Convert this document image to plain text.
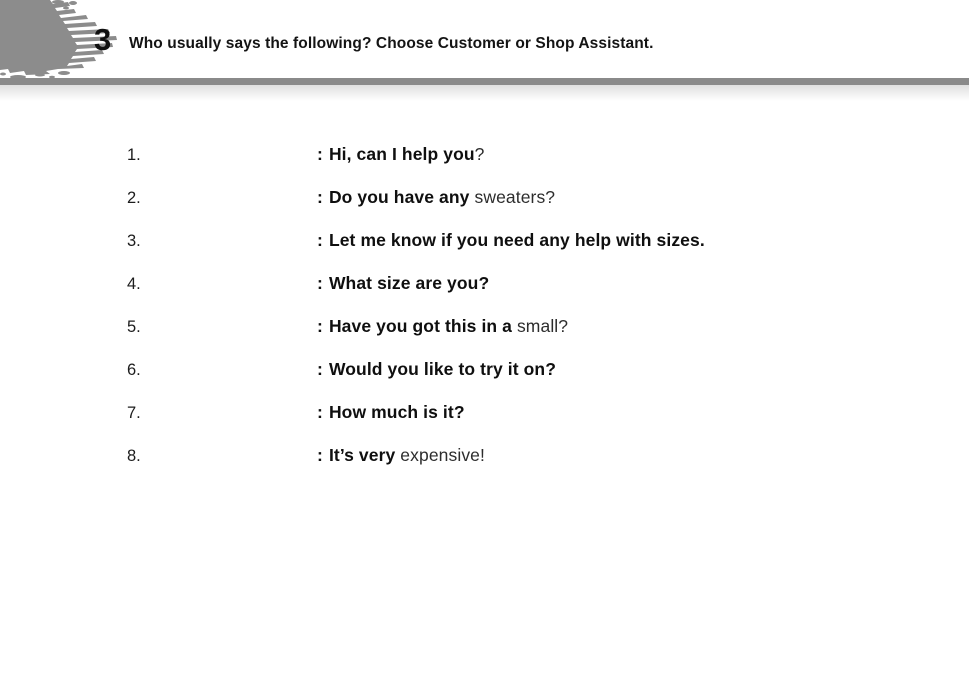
3 Who usually says the following? Choose Customer or Shop Assistant.
1.	: Hi, can I help you?
2.	: Do you have any sweaters?
3.	: Let me know if you need any help with sizes.
4.	: What size are you?
5.	: Have you got this in a small?
6.	: Would you like to try it on?
7.	: How much is it?
8.	: It’s very expensive!
